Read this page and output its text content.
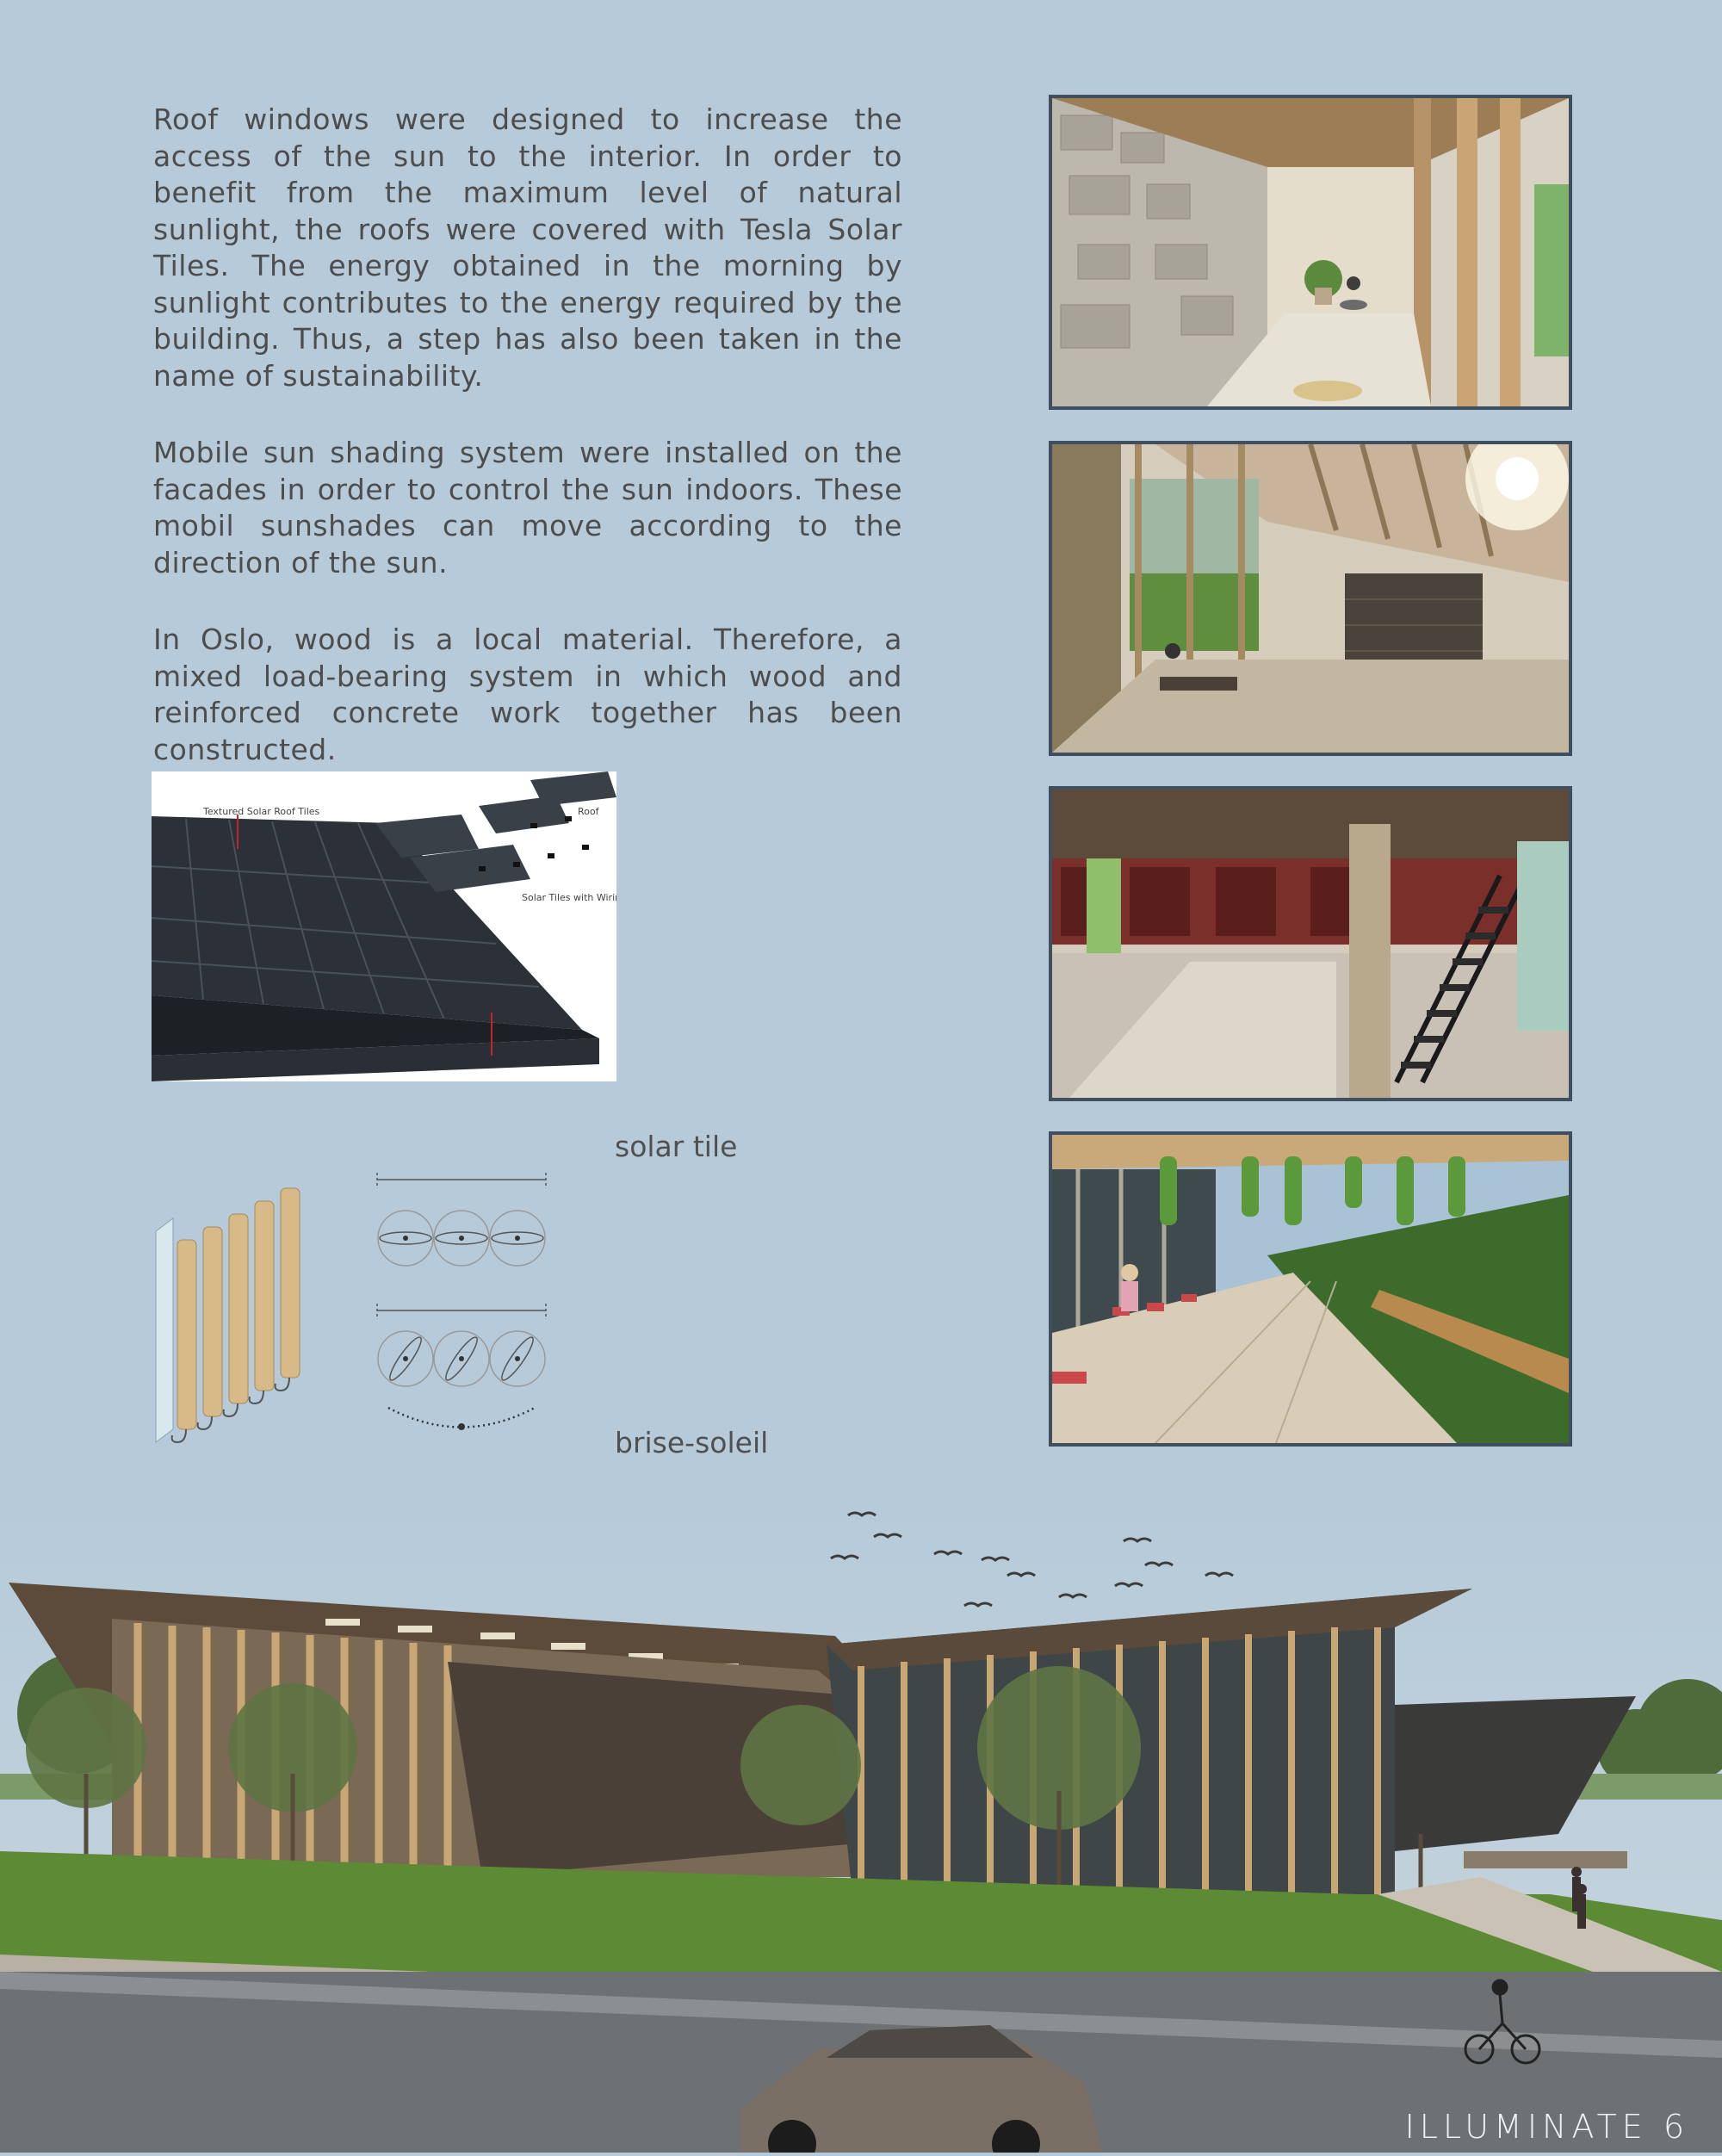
Roof windows were designed to increase the access of the sun to the interior. In order to benefit from the maximum level of natural sunlight, the roofs were covered with Tesla Solar Tiles. The energy obtained in the morning by sunlight contributes to the energy required by the building. Thus, a step has also been taken in the name of sustainability.

Mobile sun shading system were installed on the facades in order to control the sun indoors. These mobil sunshades can move according to the direction of the sun.

In Oslo, wood is a local material. Therefore, a mixed load-bearing system in which wood and reinforced concrete work together has been constructed.

Textured Solar Roof Tiles	Roof
Solar Tiles with Wiring
solar tile
brise-soleil
ILLUMINATE 6
